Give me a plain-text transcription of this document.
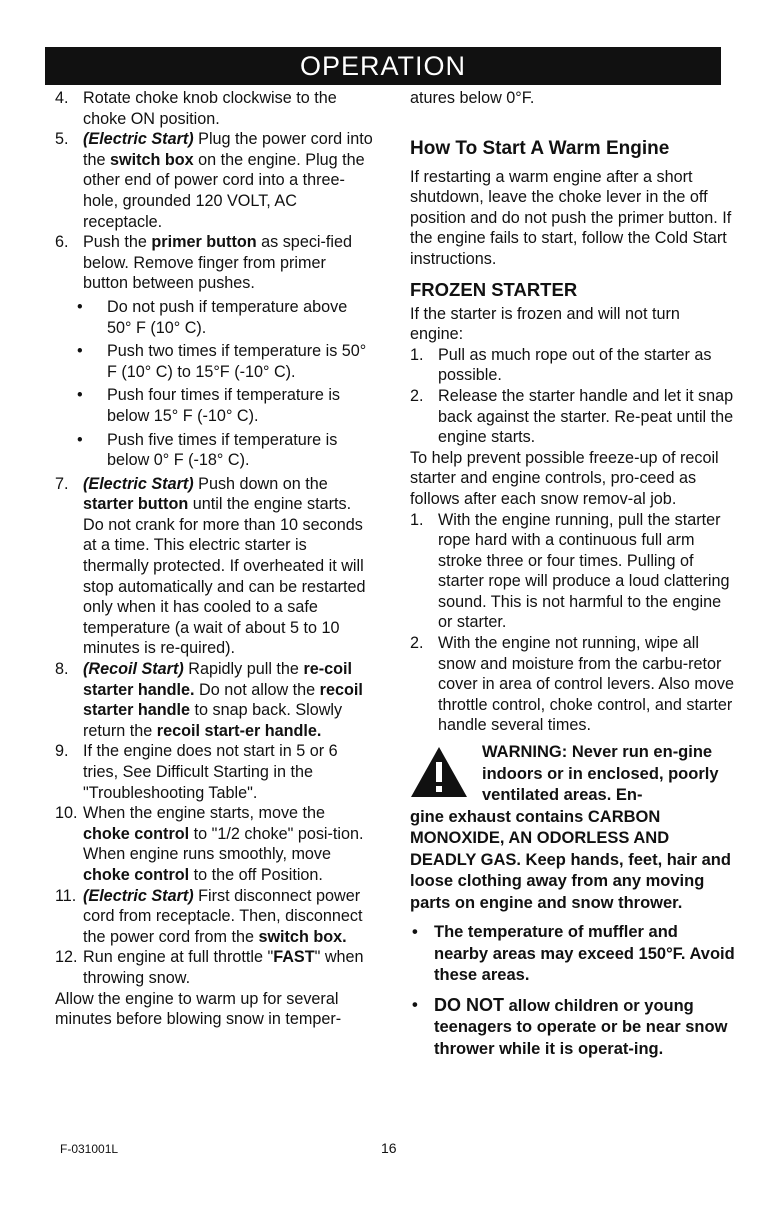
OPERATION
4. Rotate choke knob clockwise to the choke ON position.
5. (Electric Start) Plug the power cord into the switch box on the engine. Plug the other end of power cord into a three-hole, grounded 120 VOLT, AC receptacle.
6. Push the primer button as speci-fied below. Remove finger from primer button between pushes.
• Do not push if temperature above 50° F (10° C).
• Push two times if temperature is 50° F (10° C) to 15°F (-10° C).
• Push four times if temperature is below 15° F (-10° C).
• Push five times if temperature is below 0° F (-18° C).
7. (Electric Start) Push down on the starter button until the engine starts. Do not crank for more than 10 seconds at a time. This electric starter is thermally protected. If overheated it will stop automatically and can be restarted only when it has cooled to a safe temperature (a wait of about 5 to 10 minutes is re-quired).
8. (Recoil Start) Rapidly pull the re-coil starter handle. Do not allow the recoil starter handle to snap back. Slowly return the recoil start-er handle.
9. If the engine does not start in 5 or 6 tries, See Difficult Starting in the "Troubleshooting Table".
10. When the engine starts, move the choke control to "1/2 choke" posi-tion. When engine runs smoothly, move choke control to the off Position.
11. (Electric Start) First disconnect power cord from receptacle. Then, disconnect the power cord from the switch box.
12. Run engine at full throttle "FAST" when throwing snow.

Allow the engine to warm up for several minutes before blowing snow in temper-

atures below 0°F.

How To Start A Warm Engine

If restarting a warm engine after a short shutdown, leave the choke lever in the off position and do not push the primer button. If the engine fails to start, follow the Cold Start instructions.

FROZEN STARTER

If the starter is frozen and will not turn engine:

1. Pull as much rope out of the starter as possible.
2. Release the starter handle and let it snap back against the starter. Re-peat until the engine starts.

To help prevent possible freeze-up of recoil starter and engine controls, pro-ceed as follows after each snow remov-al job.

1. With the engine running, pull the starter rope hard with a continuous full arm stroke three or four times. Pulling of starter rope will produce a loud clattering sound. This is not harmful to the engine or starter.
2. With the engine not running, wipe all snow and moisture from the carbu-retor cover in area of control levers. Also move throttle control, choke control, and starter handle several times.
WARNING: Never run en-gine indoors or in enclosed, poorly ventilated areas. En-
gine exhaust contains CARBON MONOXIDE, AN ODORLESS AND DEADLY GAS. Keep hands, feet, hair and loose clothing away from any moving parts on engine and snow thrower.
• The temperature of muffler and nearby areas may exceed 150°F. Avoid these areas.
• DO NOT allow children or young teenagers to operate or be near snow thrower while it is operat-ing.
F-031001L	16
